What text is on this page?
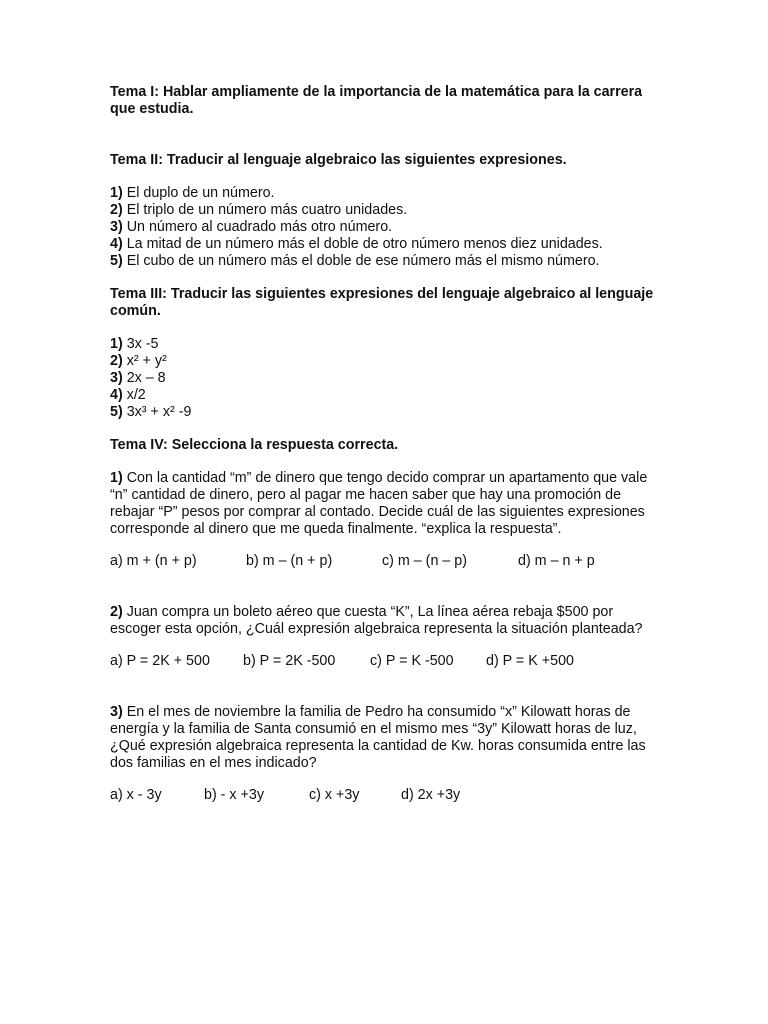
Tema I: Hablar ampliamente de la importancia de la matemática para la carrera que estudia.

Tema II: Traducir al lenguaje algebraico las siguientes expresiones.

1) El duplo de un número.
2) El triplo de un número más cuatro unidades.
3) Un número al cuadrado más otro número.
4) La mitad de un número más el doble de otro número menos diez unidades.
5) El cubo de un número más el doble de ese número más el mismo número.

Tema III: Traducir las siguientes expresiones del lenguaje algebraico al lenguaje común.

1) 3x -5
2) x² + y²
3) 2x – 8
4) x/2
5) 3x³ + x² -9

Tema IV: Selecciona la respuesta correcta.

1) Con la cantidad “m” de dinero que tengo decido comprar un apartamento que vale “n” cantidad de dinero, pero al pagar me hacen saber que hay una promoción de rebajar “P” pesos por comprar al contado. Decide cuál de las siguientes expresiones corresponde al dinero que me queda finalmente. “explica la respuesta”.

a) m + (n + p)	b) m – (n + p)	c) m – (n – p)	d) m – n + p

2) Juan compra un boleto aéreo que cuesta “K”, La línea aérea rebaja $500 por escoger esta opción, ¿Cuál expresión algebraica representa la situación planteada?

a) P = 2K + 500	b) P = 2K -500	c) P = K -500	d) P = K +500

3) En el mes de noviembre la familia de Pedro ha consumido “x” Kilowatt horas de energía y la familia de Santa consumió en el mismo mes “3y” Kilowatt horas de luz, ¿Qué expresión algebraica representa la cantidad de Kw. horas consumida entre las dos familias en el mes indicado?

a) x - 3y	b) - x +3y	c) x +3y	d) 2x +3y
